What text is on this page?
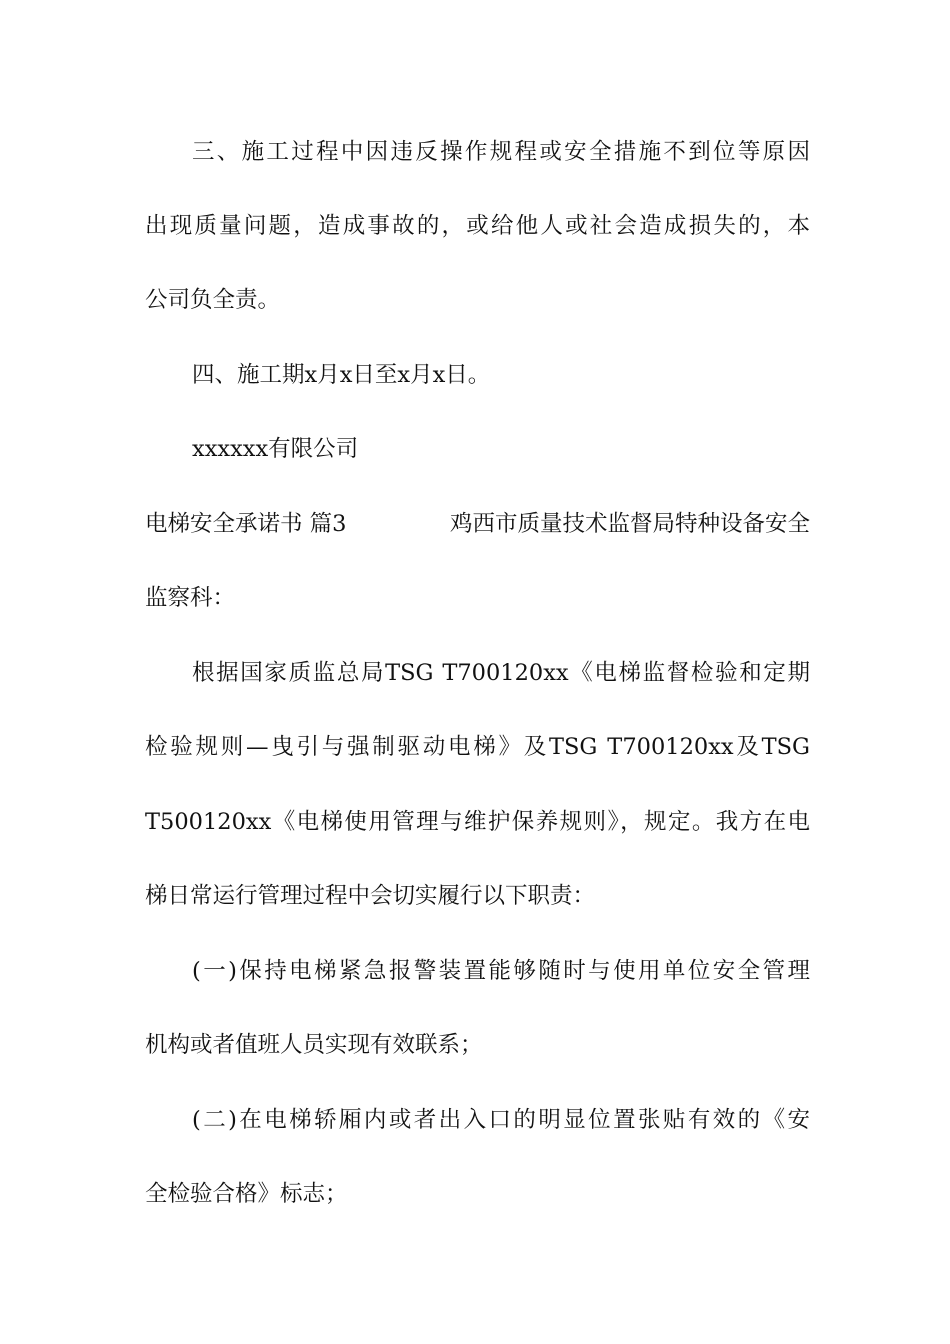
三、施工过程中因违反操作规程或安全措施不到位等原因
出现质量问题，造成事故的，或给他人或社会造成损失的，本
公司负全责。
四、施工期x月x日至x月x日。
xxxxxx有限公司
电梯安全承诺书 篇3	鸡西市质量技术监督局特种设备安全
监察科：
根据国家质监总局TSG T700120xx《电梯监督检验和定期
检验规则—曳引与强制驱动电梯》及TSG T700120xx及TSG
T500120xx《电梯使用管理与维护保养规则》，规定。我方在电
梯日常运行管理过程中会切实履行以下职责：
(一)保持电梯紧急报警装置能够随时与使用单位安全管理
机构或者值班人员实现有效联系；
(二)在电梯轿厢内或者出入口的明显位置张贴有效的《安
全检验合格》标志；
